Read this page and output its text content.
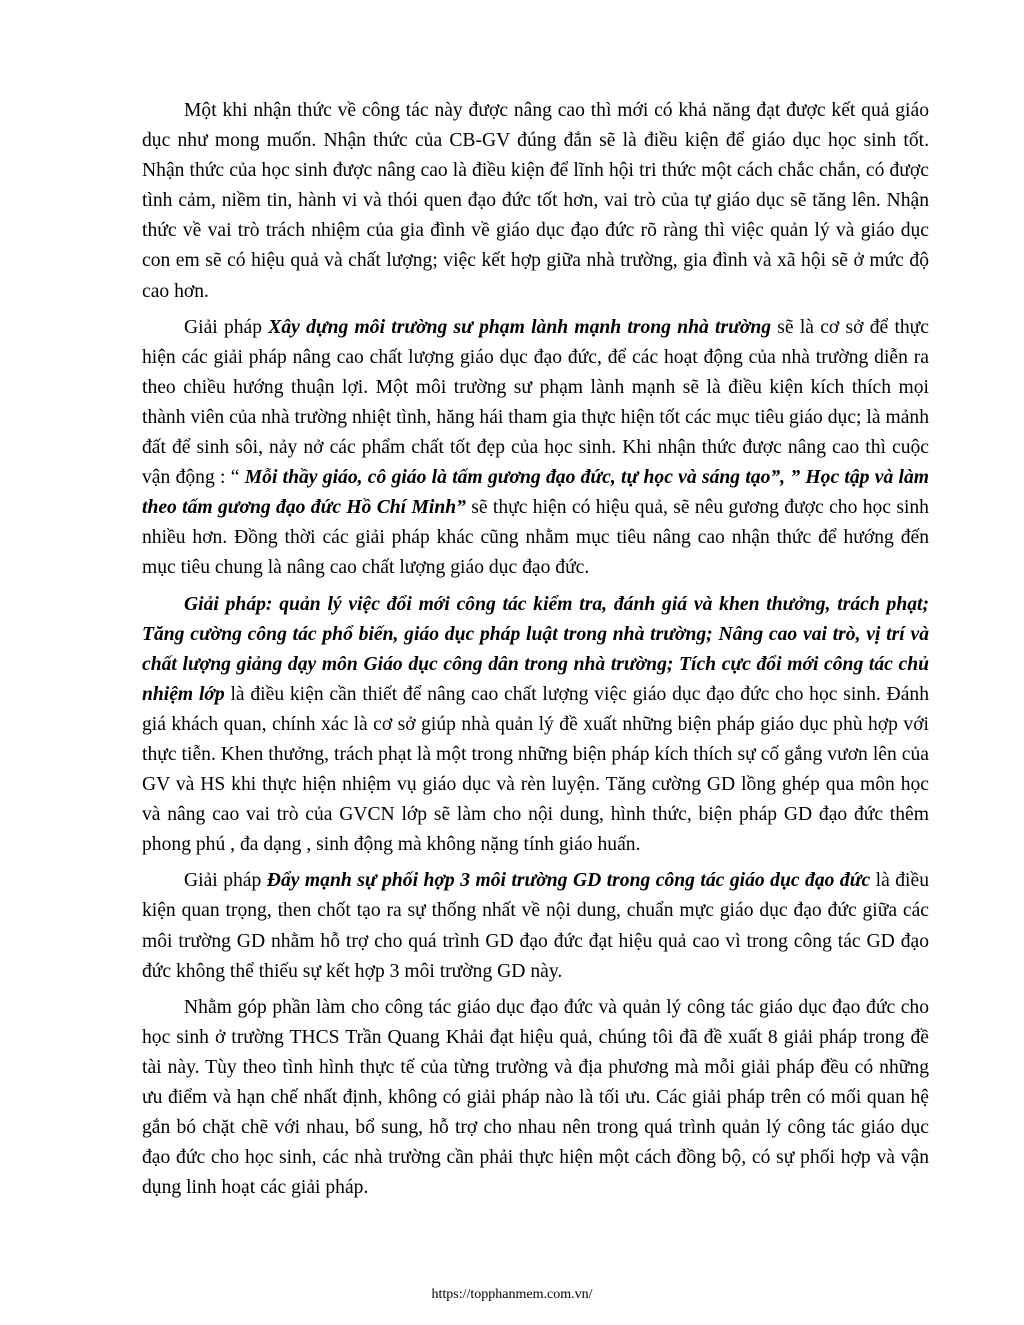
Một khi nhận thức về công tác này được nâng cao thì mới có khả năng đạt được kết quả giáo dục như mong muốn. Nhận thức của CB-GV đúng đắn sẽ là điều kiện để giáo dục học sinh tốt. Nhận thức của học sinh được nâng cao là điều kiện để lĩnh hội tri thức một cách chắc chắn, có được tình cảm, niềm tin, hành vi và thói quen đạo đức tốt hơn, vai trò của tự giáo dục sẽ tăng lên. Nhận thức về vai trò trách nhiệm của gia đình về giáo dục đạo đức rõ ràng thì việc quản lý và giáo dục con em sẽ có hiệu quả và chất lượng; việc kết hợp giữa nhà trường, gia đình và xã hội sẽ ở mức độ cao hơn.

Giải pháp Xây dựng môi trường sư phạm lành mạnh trong nhà trường sẽ là cơ sở để thực hiện các giải pháp nâng cao chất lượng giáo dục đạo đức, để các hoạt động của nhà trường diễn ra theo chiều hướng thuận lợi. Một môi trường sư phạm lành mạnh sẽ là điều kiện kích thích mọi thành viên của nhà trường nhiệt tình, hăng hái tham gia thực hiện tốt các mục tiêu giáo dục; là mảnh đất để sinh sôi, nảy nở các phẩm chất tốt đẹp của học sinh. Khi nhận thức được nâng cao thì cuộc vận động : “ Mỗi thầy giáo, cô giáo là tấm gương đạo đức, tự học và sáng tạo”, ” Học tập và làm theo tấm gương đạo đức Hồ Chí Minh” sẽ thực hiện có hiệu quả, sẽ nêu gương được cho học sinh nhiều hơn. Đồng thời các giải pháp khác cũng nhằm mục tiêu nâng cao nhận thức để hướng đến mục tiêu chung là nâng cao chất lượng giáo dục đạo đức.

Giải pháp: quản lý việc đổi mới công tác kiểm tra, đánh giá và khen thưởng, trách phạt; Tăng cường công tác phổ biến, giáo dục pháp luật trong nhà trường; Nâng cao vai trò, vị trí và chất lượng giảng dạy môn Giáo dục công dân trong nhà trường; Tích cực đổi mới công tác chủ nhiệm lớp là điều kiện cần thiết để nâng cao chất lượng việc giáo dục đạo đức cho học sinh. Đánh giá khách quan, chính xác là cơ sở giúp nhà quản lý đề xuất những biện pháp giáo dục phù hợp với thực tiễn. Khen thưởng, trách phạt là một trong những biện pháp kích thích sự cố gắng vươn lên của GV và HS khi thực hiện nhiệm vụ giáo dục và rèn luyện. Tăng cường GD lồng ghép qua môn học và nâng cao vai trò của GVCN lớp sẽ làm cho nội dung, hình thức, biện pháp GD đạo đức thêm phong phú , đa dạng , sinh động mà không nặng tính giáo huấn.

Giải pháp Đẩy mạnh sự phối hợp 3 môi trường GD trong công tác giáo dục đạo đức là điều kiện quan trọng, then chốt tạo ra sự thống nhất về nội dung, chuẩn mực giáo dục đạo đức giữa các môi trường GD nhằm hỗ trợ cho quá trình GD đạo đức đạt hiệu quả cao vì trong công tác GD đạo đức không thể thiếu sự kết hợp 3 môi trường GD này.

Nhằm góp phần làm cho công tác giáo dục đạo đức và quản lý công tác giáo dục đạo đức cho học sinh ở trường THCS Trần Quang Khải đạt hiệu quả, chúng tôi đã đề xuất 8 giải pháp trong đề tài này. Tùy theo tình hình thực tế của từng trường và địa phương mà mỗi giải pháp đều có những ưu điểm và hạn chế nhất định, không có giải pháp nào là tối ưu. Các giải pháp trên có mối quan hệ gắn bó chặt chẽ với nhau, bổ sung, hỗ trợ cho nhau nên trong quá trình quản lý công tác giáo dục đạo đức cho học sinh, các nhà trường cần phải thực hiện một cách đồng bộ, có sự phối hợp và vận dụng linh hoạt các giải pháp.

https://topphanmem.com.vn/
